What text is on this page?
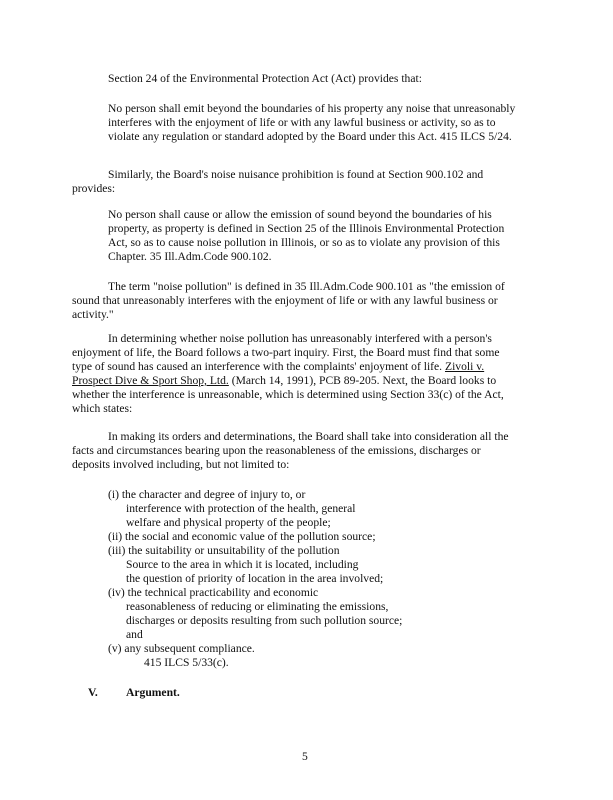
Section 24 of the Environmental Protection Act (Act) provides that:
No person shall emit beyond the boundaries of his property any noise that unreasonably
interferes with the enjoyment of life or with any lawful business or activity, so as to
violate any regulation or standard adopted by the Board under this Act. 415 ILCS 5/24.
Similarly, the Board's noise nuisance prohibition is found at Section 900.102 and
provides:
No person shall cause or allow the emission of sound beyond the boundaries of his
property, as property is defined in Section 25 of the Illinois Environmental Protection
Act, so as to cause noise pollution in Illinois, or so as to violate any provision of this
Chapter. 35 Ill.Adm.Code 900.102.
The term "noise pollution" is defined in 35 Ill.Adm.Code 900.101 as "the emission of
sound that unreasonably interferes with the enjoyment of life or with any lawful business or
activity."
In determining whether noise pollution has unreasonably interfered with a person's
enjoyment of life, the Board follows a two-part inquiry. First, the Board must find that some
type of sound has caused an interference with the complaints' enjoyment of life. Zivoli v.
Prospect Dive & Sport Shop, Ltd. (March 14, 1991), PCB 89-205. Next, the Board looks to
whether the interference is unreasonable, which is determined using Section 33(c) of the Act,
which states:
In making its orders and determinations, the Board shall take into consideration all the
facts and circumstances bearing upon the reasonableness of the emissions, discharges or
deposits involved including, but not limited to:
(i) the character and degree of injury to, or
interference with protection of the health, general
welfare and physical property of the people;
(ii) the social and economic value of the pollution source;
(iii) the suitability or unsuitability of the pollution
Source to the area in which it is located, including
the question of priority of location in the area involved;
(iv) the technical practicability and economic
reasonableness of reducing or eliminating the emissions,
discharges or deposits resulting from such pollution source;
and
(v) any subsequent compliance.
415 ILCS 5/33(c).
V. Argument.
5
